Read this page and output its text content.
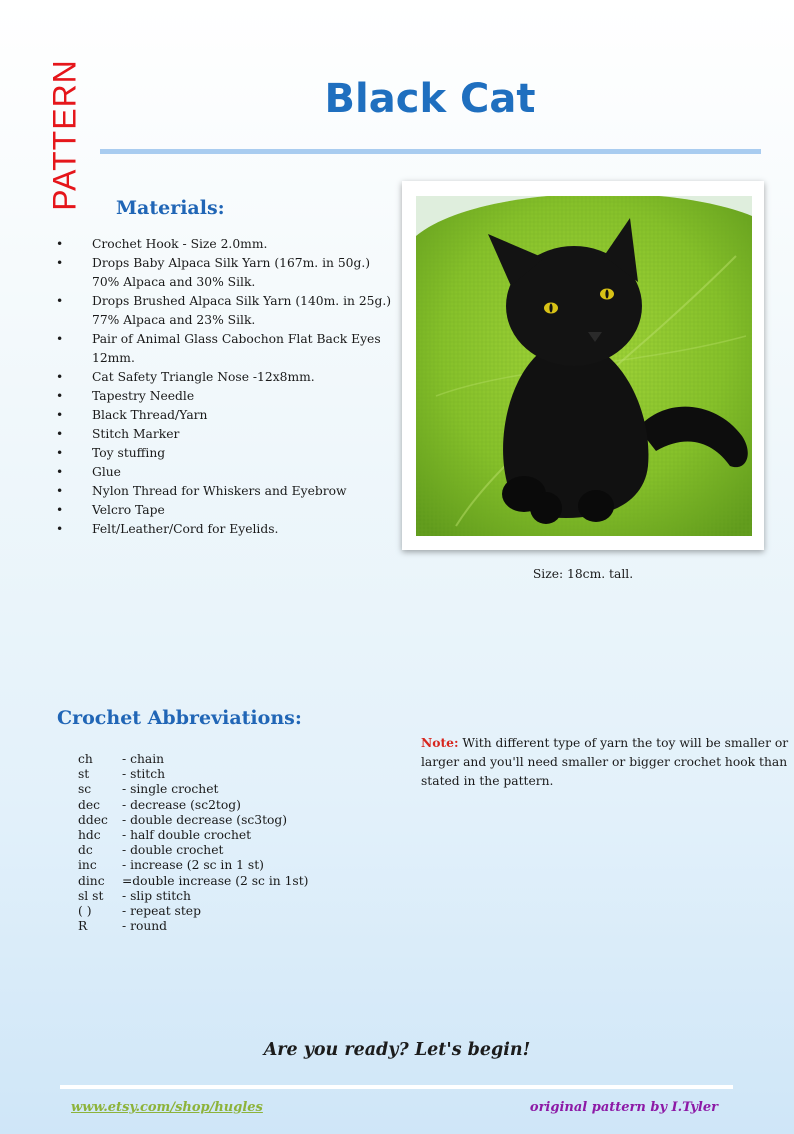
PATTERN	Black Cat
Materials:
• Crochet Hook - Size 2.0mm.
• Drops Baby Alpaca Silk Yarn (167m. in 50g.) 70% Alpaca and 30% Silk.
• Drops Brushed Alpaca Silk Yarn (140m. in 25g.) 77% Alpaca and 23% Silk.
• Pair of Animal Glass Cabochon Flat Back Eyes 12mm.
• Cat Safety Triangle Nose -12x8mm.
• Tapestry Needle
• Black Thread/Yarn
• Stitch Marker
• Toy stuffing
• Glue
• Nylon Thread for Whiskers and Eyebrow
• Velcro Tape
• Felt/Leather/Cord for Eyelids.
Size: 18cm. tall.
Crochet Abbreviations:
ch	- chain
st	- stitch
sc	- single crochet
dec	- decrease (sc2tog)
ddec	- double decrease (sc3tog)
hdc	- half double crochet
dc	- double crochet
inc	- increase (2 sc in 1 st)
dinc	=double increase (2 sc in 1st)
sl st	- slip stitch
( )	- repeat step
R	- round

Note: With different type of yarn the toy will be smaller or larger and you'll need smaller or bigger crochet hook than stated in the pattern.

Are you ready? Let's begin!

www.etsy.com/shop/hugles	original pattern by I.Tyler
